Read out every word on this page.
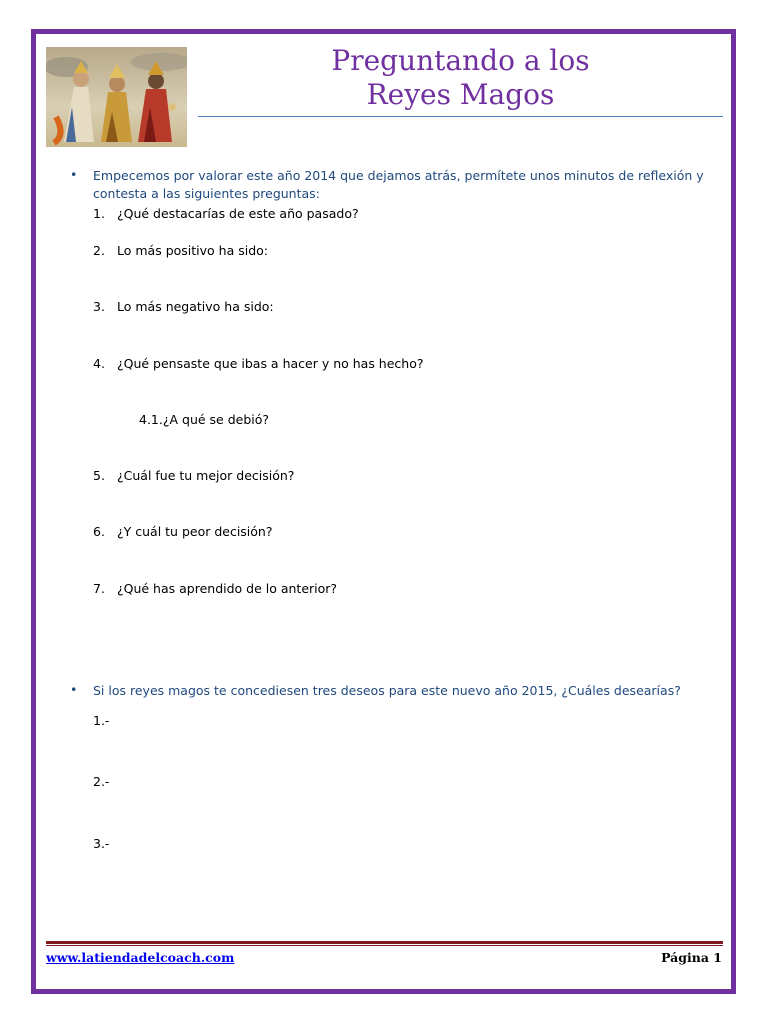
Preguntando a los
Reyes Magos
• Empecemos por valorar este año 2014 que dejamos atrás, permítete unos minutos de reflexión y contesta a las siguientes preguntas:
1. ¿Qué destacarías de este año pasado?
2. Lo más positivo ha sido:
3. Lo más negativo ha sido:
4. ¿Qué pensaste que ibas a hacer y no has hecho?
4.1.¿A qué se debió?
5. ¿Cuál fue tu mejor decisión?
6. ¿Y cuál tu peor decisión?
7. ¿Qué has aprendido de lo anterior?
• Si los reyes magos te concediesen tres deseos para este nuevo año 2015, ¿Cuáles desearías?
1.-
2.-
3.-
www.latiendadelcoach.com	Página 1
